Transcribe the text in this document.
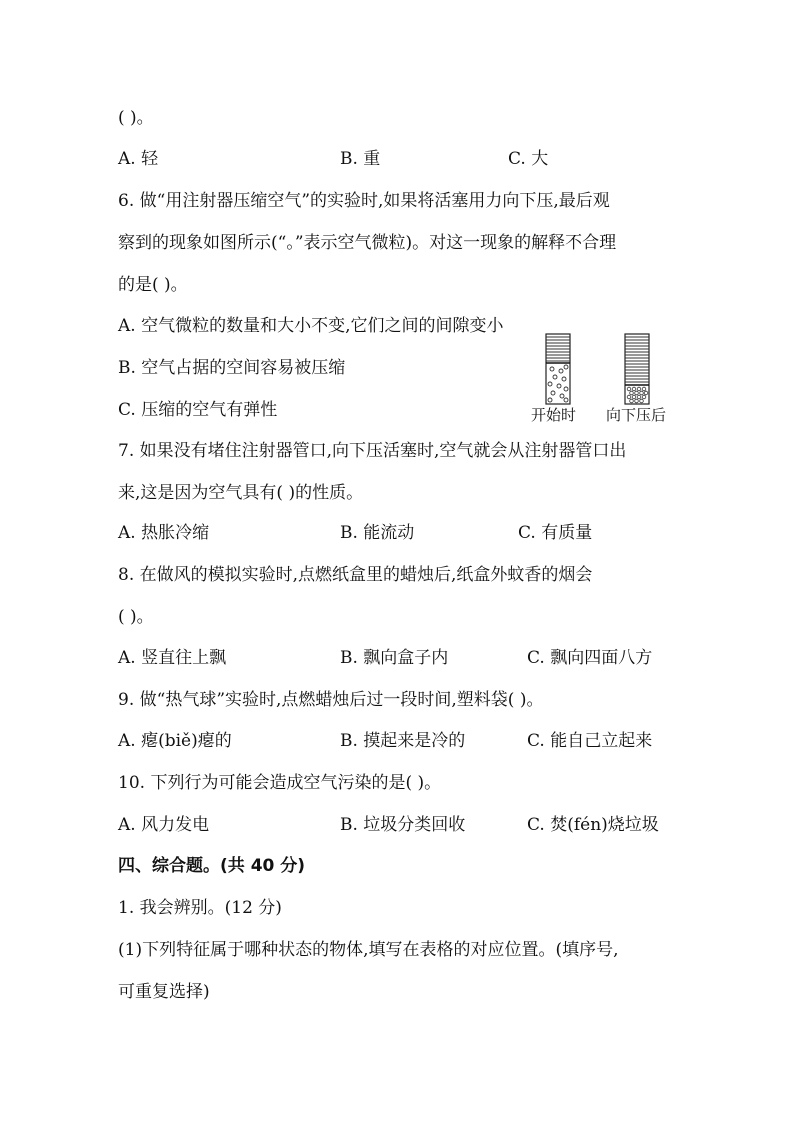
( )。
A. 轻	B. 重	C. 大
6. 做“用注射器压缩空气”的实验时,如果将活塞用力向下压,最后观
察到的现象如图所示(“。”表示空气微粒)。对这一现象的解释不合理
的是( )。
A. 空气微粒的数量和大小不变,它们之间的间隙变小
B. 空气占据的空间容易被压缩
C. 压缩的空气有弹性	开始时 向下压后
7. 如果没有堵住注射器管口,向下压活塞时,空气就会从注射器管口出
来,这是因为空气具有( )的性质。
A. 热胀冷缩	B. 能流动	C. 有质量
8. 在做风的模拟实验时,点燃纸盒里的蜡烛后,纸盒外蚊香的烟会
( )。
A. 竖直往上飘	B. 飘向盒子内	C. 飘向四面八方
9. 做“热气球”实验时,点燃蜡烛后过一段时间,塑料袋( )。
A. 瘪(biě)瘪的	B. 摸起来是冷的	C. 能自己立起来
10. 下列行为可能会造成空气污染的是( )。
A. 风力发电	B. 垃圾分类回收	C. 焚(fén)烧垃圾
四、综合题。(共 40 分)
1. 我会辨别。(12 分)
(1)下列特征属于哪种状态的物体,填写在表格的对应位置。(填序号,
可重复选择)
